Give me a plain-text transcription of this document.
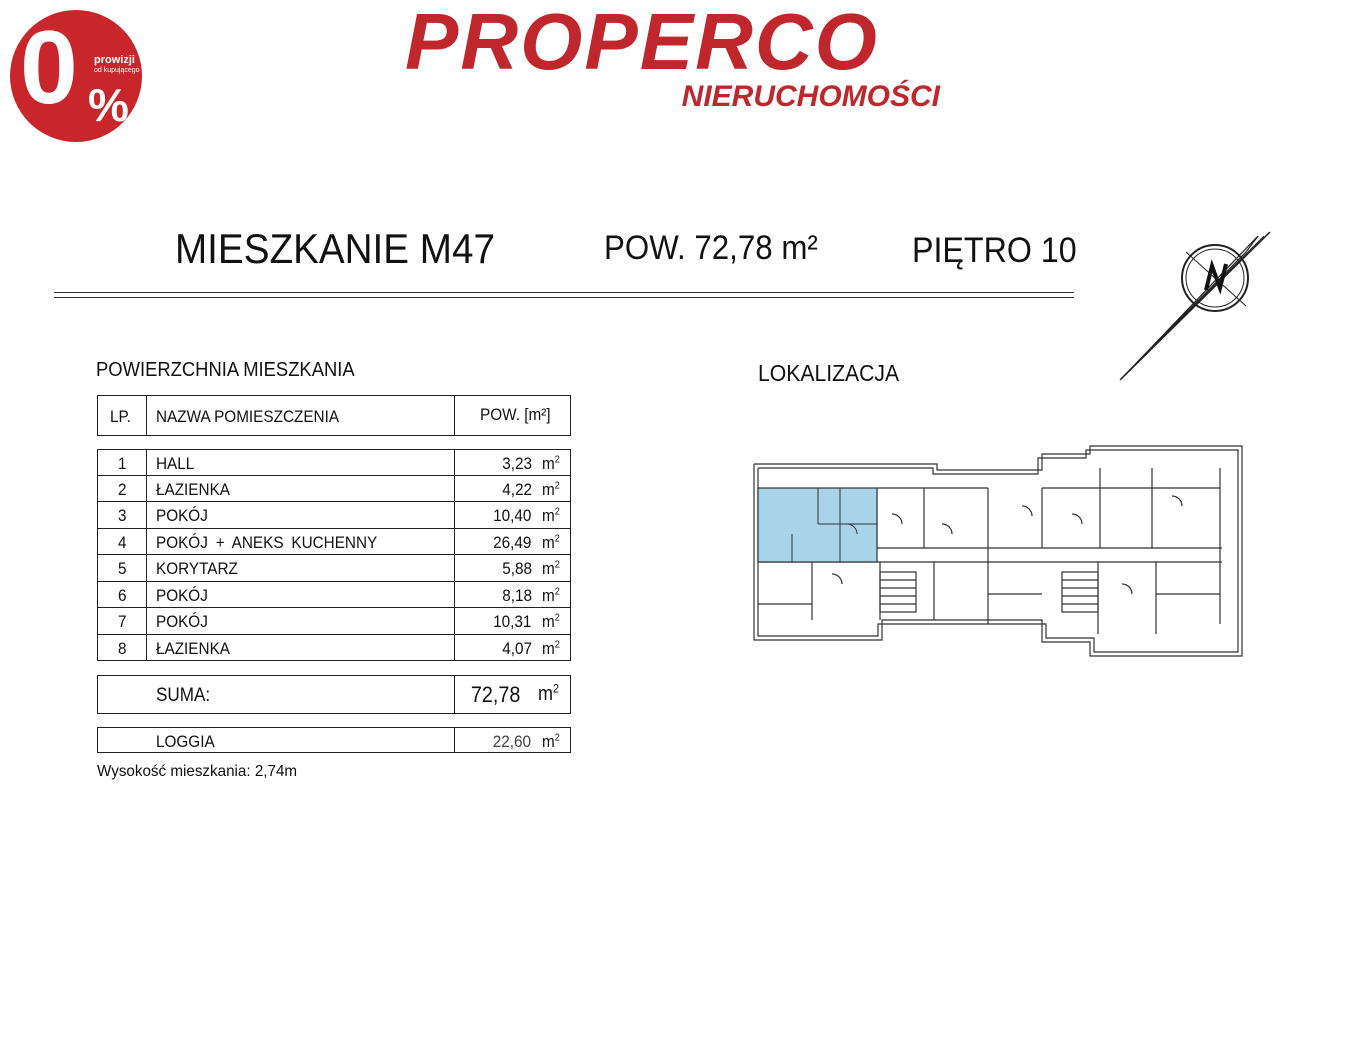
0 %
prowizji
od kupującego	PROPERCO
NIERUCHOMOŚCI
MIESZKANIE M47	POW. 72,78 m²	PIĘTRO 10
POWIERZCHNIA MIESZKANIA	LOKALIZACJA
LP. NAZWA POMIESZCZENIA	POW. [m²]
1 HALL	3,23 $m^2$
2 ŁAZIENKA	4,22 $m^2$
3 POKÓJ	10,40 $m^2$
4 POKÓJ + ANEKS KUCHENNY	26,49 $m^2$
5 KORYTARZ	5,88 $m^2$
6 POKÓJ	8,18 $m^2$
7 POKÓJ	10,31 $m^2$
8 ŁAZIENKA	4,07 $m^2$
SUMA:	72,78 $m^2$
LOGGIA	22,60 $m^2$
Wysokość mieszkania: 2,74m
